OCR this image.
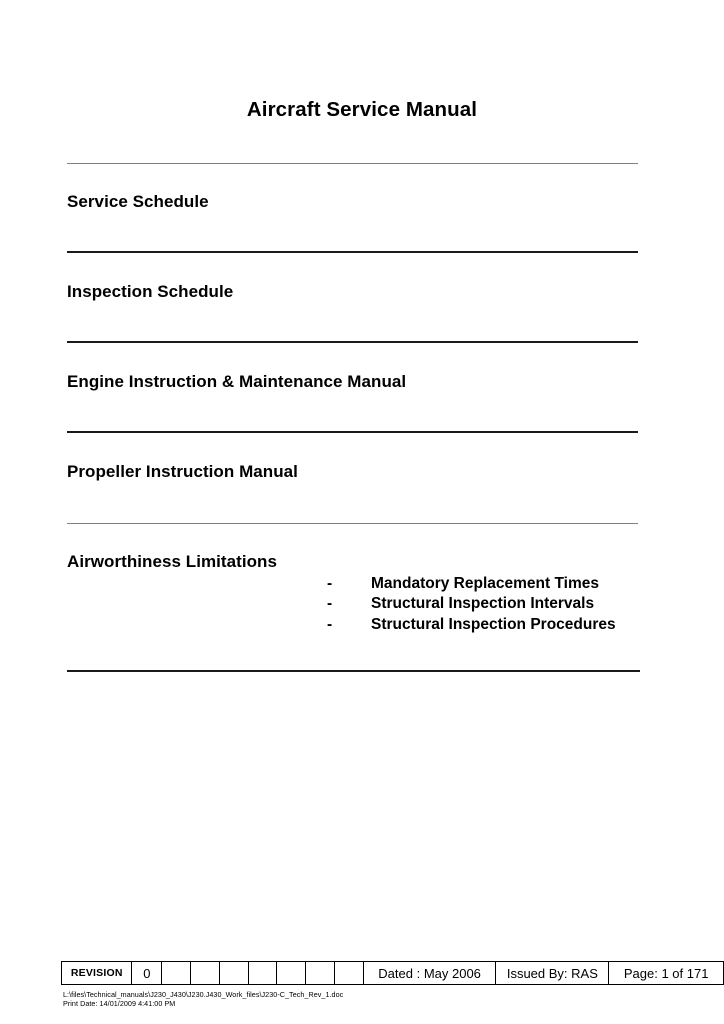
Aircraft Service Manual
Service Schedule
Inspection Schedule
Engine Instruction & Maintenance Manual
Propeller Instruction Manual
Airworthiness Limitations
-	Mandatory Replacement Times
-	Structural Inspection Intervals
-	Structural Inspection Procedures
REVISION	0								Dated : May 2006	Issued By: RAS	Page: 1 of 171
L:\files\Technical_manuals\J230_J430\J230.J430_Work_files\J230-C_Tech_Rev_1.doc
Print Date: 14/01/2009 4:41:00 PM
